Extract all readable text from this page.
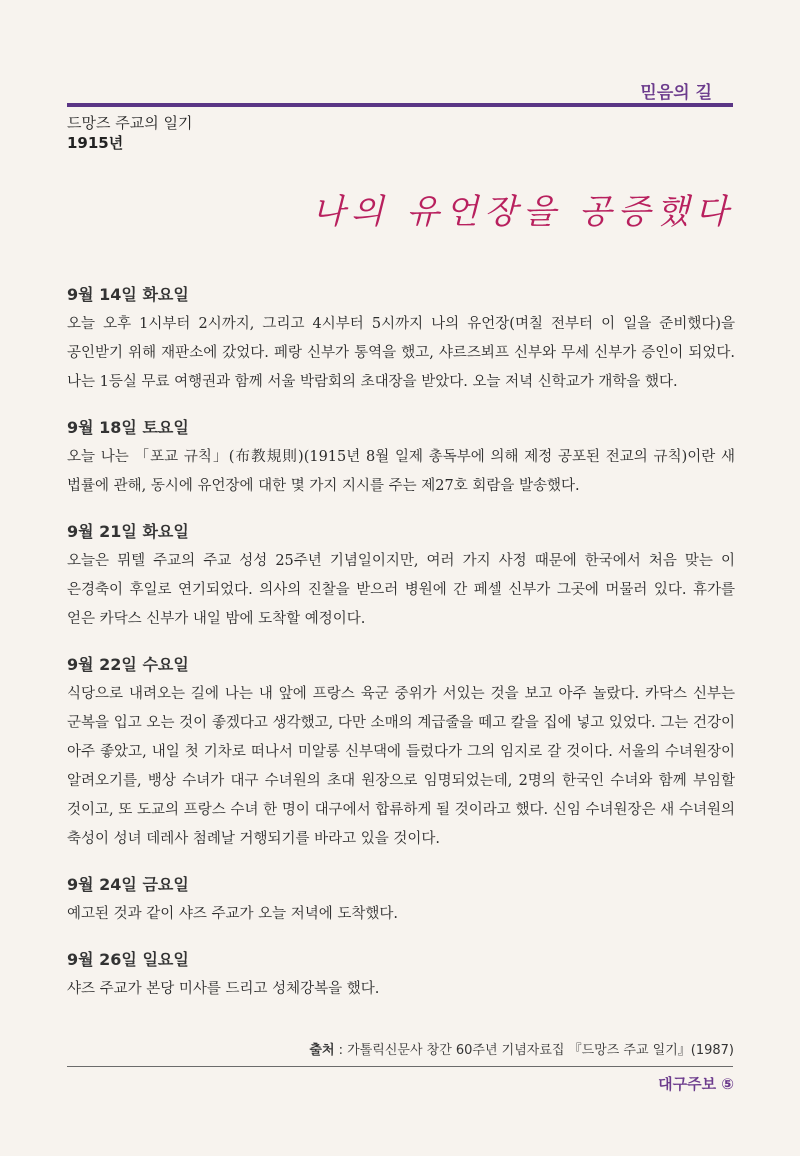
믿음의 길
드망즈 주교의 일기
1915년
나의 유언장을 공증했다
9월 14일 화요일

오늘 오후 1시부터 2시까지, 그리고 4시부터 5시까지 나의 유언장(며칠 전부터 이 일을 준비했다)을 공인받기 위해 재판소에 갔었다. 페랑 신부가 통역을 했고, 샤르즈뵈프 신부와 무세 신부가 증인이 되었다. 나는 1등실 무료 여행권과 함께 서울 박람회의 초대장을 받았다. 오늘 저녁 신학교가 개학을 했다.

9월 18일 토요일

오늘 나는 「포교 규칙」(布教規則)(1915년 8월 일제 총독부에 의해 제정 공포된 전교의 규칙)이란 새 법률에 관해, 동시에 유언장에 대한 몇 가지 지시를 주는 제27호 회람을 발송했다.

9월 21일 화요일

오늘은 뮈텔 주교의 주교 성성 25주년 기념일이지만, 여러 가지 사정 때문에 한국에서 처음 맞는 이 은경축이 후일로 연기되었다. 의사의 진찰을 받으러 병원에 간 페셀 신부가 그곳에 머물러 있다. 휴가를 얻은 카닥스 신부가 내일 밤에 도착할 예정이다.

9월 22일 수요일

식당으로 내려오는 길에 나는 내 앞에 프랑스 육군 중위가 서있는 것을 보고 아주 놀랐다. 카닥스 신부는 군복을 입고 오는 것이 좋겠다고 생각했고, 다만 소매의 계급줄을 떼고 칼을 집에 넣고 있었다. 그는 건강이 아주 좋았고, 내일 첫 기차로 떠나서 미알롱 신부댁에 들렀다가 그의 임지로 갈 것이다. 서울의 수녀원장이 알려오기를, 뱅상 수녀가 대구 수녀원의 초대 원장으로 임명되었는데, 2명의 한국인 수녀와 함께 부임할 것이고, 또 도교의 프랑스 수녀 한 명이 대구에서 합류하게 될 것이라고 했다. 신임 수녀원장은 새 수녀원의 축성이 성녀 데레사 첨례날 거행되기를 바라고 있을 것이다.

9월 24일 금요일

예고된 것과 같이 샤즈 주교가 오늘 저녁에 도착했다.

9월 26일 일요일

샤즈 주교가 본당 미사를 드리고 성체강복을 했다.

출처 : 가톨릭신문사 창간 60주년 기념자료집 『드망즈 주교 일기』(1987)
대구주보 ⑤
